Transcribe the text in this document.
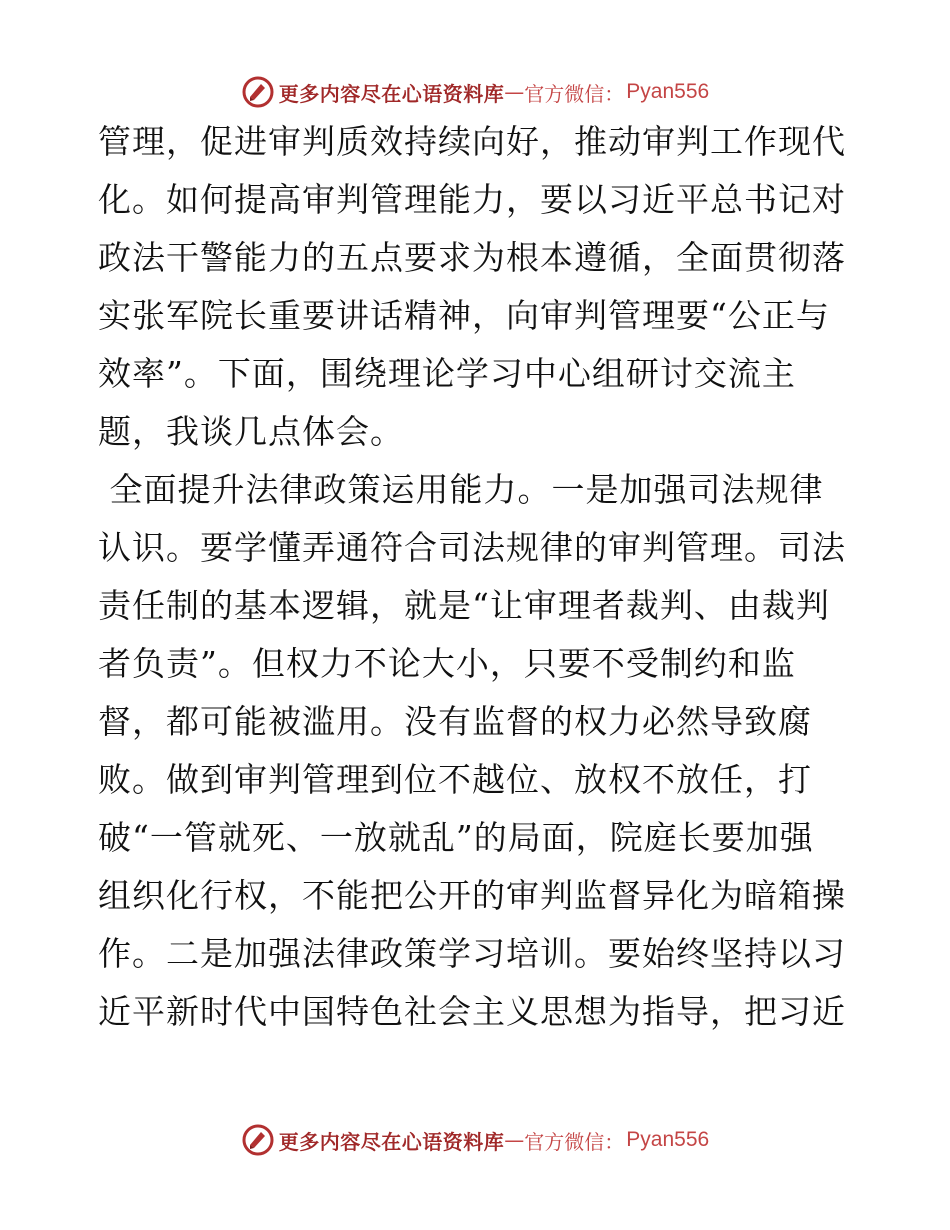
更多内容尽在心语资料库 — 官方微信： Pyan556
管理，促进审判质效持续向好，推动审判工作现代
化。如何提高审判管理能力，要以习近平总书记对
政法干警能力的五点要求为根本遵循，全面贯彻落
实张军院长重要讲话精神，向审判管理要“公正与
效率”。下面，围绕理论学习中心组研讨交流主
题，我谈几点体会。
全面提升法律政策运用能力。一是加强司法规律
认识。要学懂弄通符合司法规律的审判管理。司法
责任制的基本逻辑，就是“让审理者裁判、由裁判
者负责”。但权力不论大小，只要不受制约和监
督，都可能被滥用。没有监督的权力必然导致腐
败。做到审判管理到位不越位、放权不放任，打
破“一管就死、一放就乱”的局面，院庭长要加强
组织化行权，不能把公开的审判监督异化为暗箱操
作。二是加强法律政策学习培训。要始终坚持以习
近平新时代中国特色社会主义思想为指导，把习近
更多内容尽在心语资料库 — 官方微信： Pyan556
